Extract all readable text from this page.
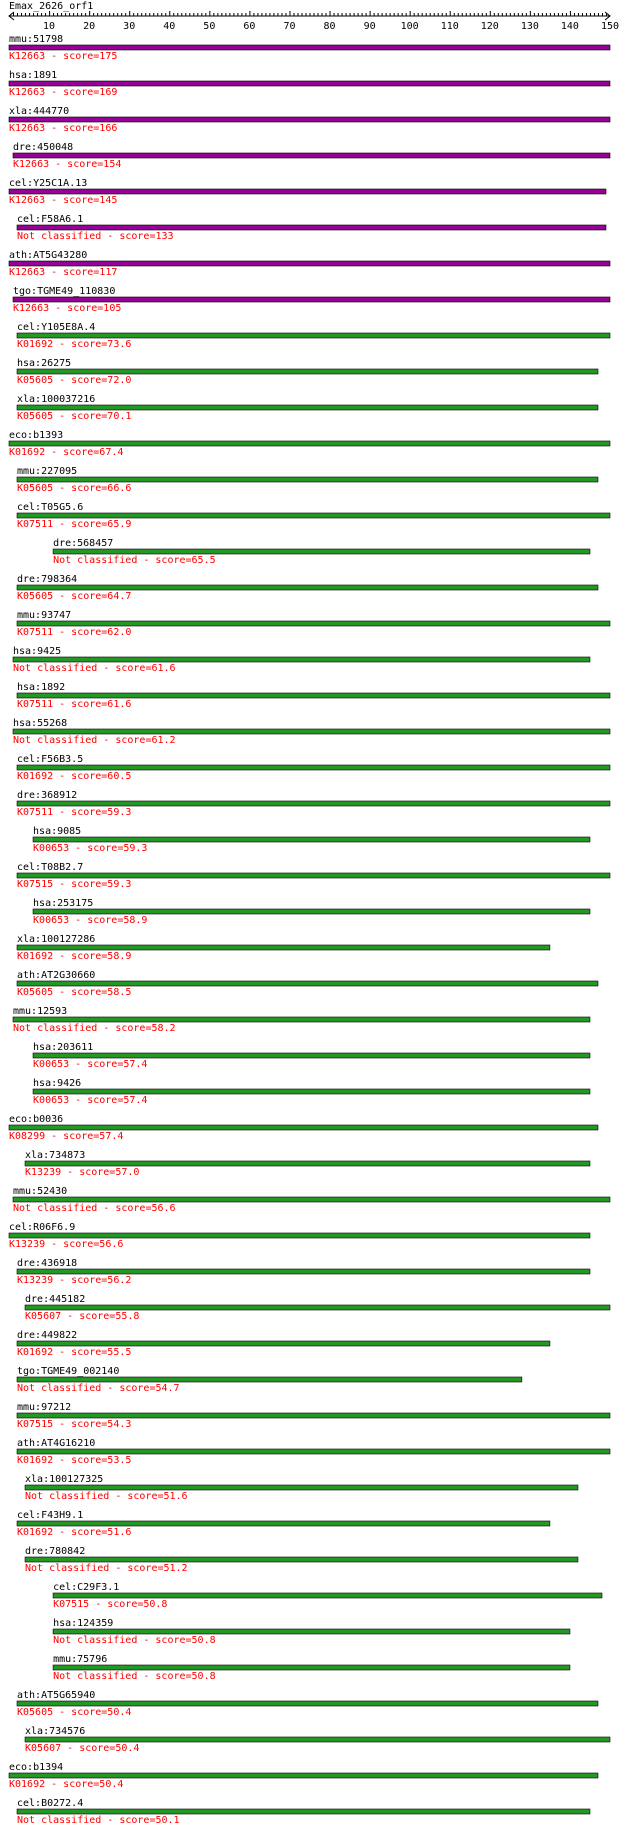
Emax_2626_orf1
10	20	30	40	50	60	70	80	90	100 110 120 130 140 150
mmu:51798
K12663 - score=175
hsa:1891
K12663 - score=169
xla:444770
K12663 - score=166
dre:450048
K12663 - score=154
cel:Y25C1A.13
K12663 - score=145
cel:F58A6.1
Not classified - score=133
ath:AT5G43280
K12663 - score=117
tgo:TGME49_110830
K12663 - score=105
cel:Y105E8A.4
K01692 - score=73.6
hsa:26275
K05605 - score=72.0
xla:100037216
K05605 - score=70.1
eco:b1393
K01692 - score=67.4
mmu:227095
K05605 - score=66.6
cel:T05G5.6
K07511 - score=65.9
dre:568457
Not classified - score=65.5
dre:798364
K05605 - score=64.7
mmu:93747
K07511 - score=62.0
hsa:9425
Not classified - score=61.6
hsa:1892
K07511 - score=61.6
hsa:55268
Not classified - score=61.2
cel:F56B3.5
K01692 - score=60.5
dre:368912
K07511 - score=59.3
hsa:9085
K00653 - score=59.3
cel:T08B2.7
K07515 - score=59.3
hsa:253175
K00653 - score=58.9
xla:100127286
K01692 - score=58.9
ath:AT2G30660
K05605 - score=58.5
mmu:12593
Not classified - score=58.2
hsa:203611
K00653 - score=57.4
hsa:9426
K00653 - score=57.4
eco:b0036
K08299 - score=57.4
xla:734873
K13239 - score=57.0
mmu:52430
Not classified - score=56.6
cel:R06F6.9
K13239 - score=56.6
dre:436918
K13239 - score=56.2
dre:445182
K05607 - score=55.8
dre:449822
K01692 - score=55.5
tgo:TGME49_002140
Not classified - score=54.7
mmu:97212
K07515 - score=54.3
ath:AT4G16210
K01692 - score=53.5
xla:100127325
Not classified - score=51.6
cel:F43H9.1
K01692 - score=51.6
dre:780842
Not classified - score=51.2
cel:C29F3.1
K07515 - score=50.8
hsa:124359
Not classified - score=50.8
mmu:75796
Not classified - score=50.8
ath:AT5G65940
K05605 - score=50.4
xla:734576
K05607 - score=50.4
eco:b1394
K01692 - score=50.4
cel:B0272.4
Not classified - score=50.1
